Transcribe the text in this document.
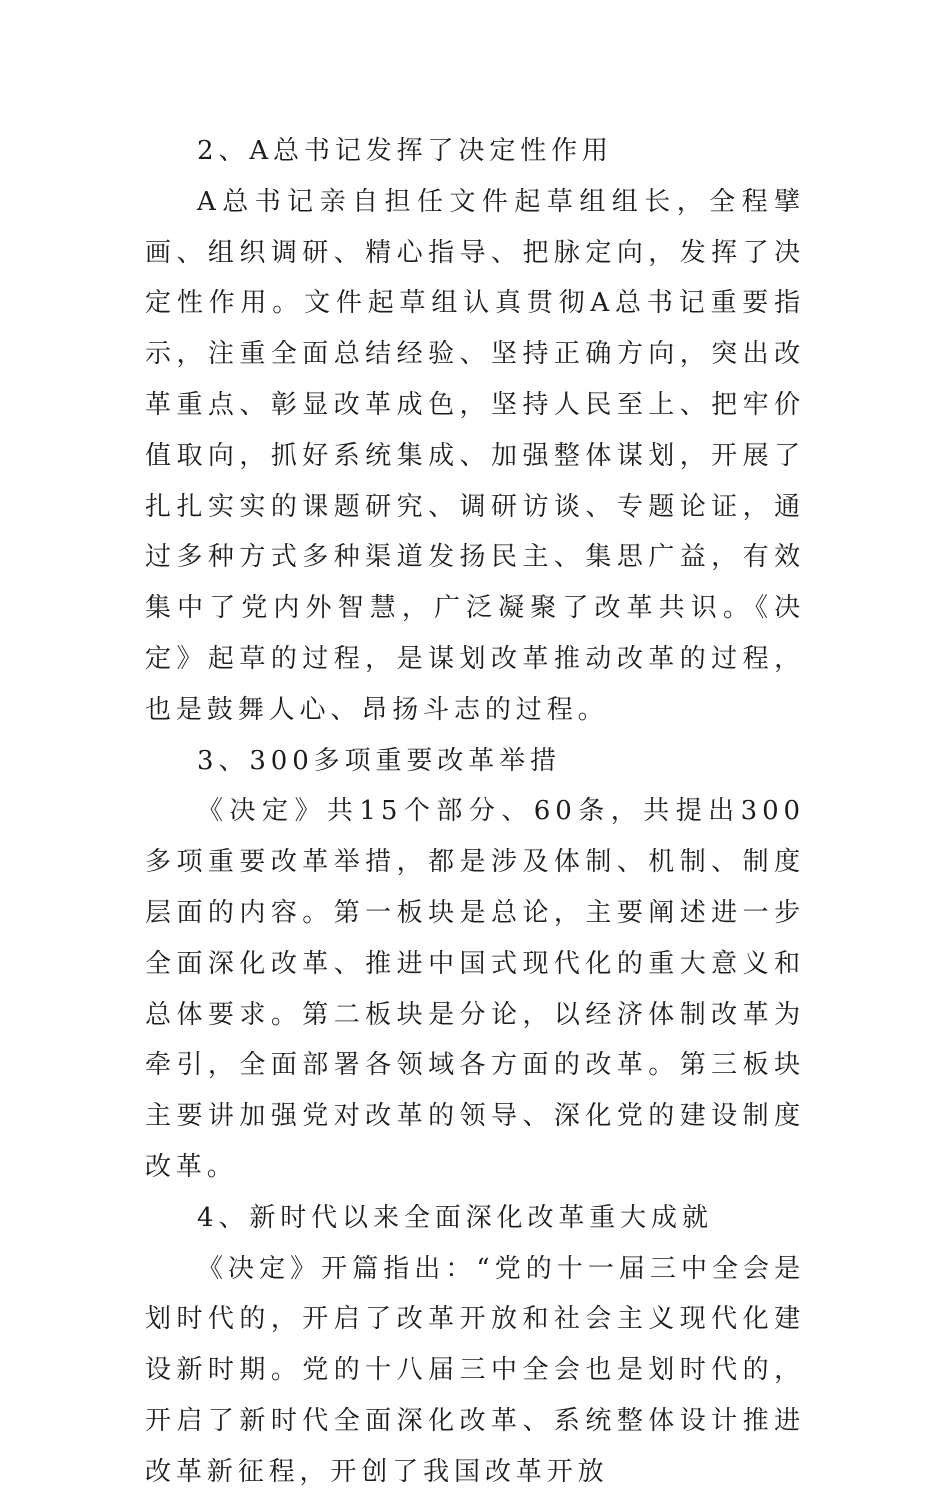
2、A总书记发挥了决定性作用

A总书记亲自担任文件起草组组长，全程擘画、组织调研、精心指导、把脉定向，发挥了决定性作用。文件起草组认真贯彻A总书记重要指示，注重全面总结经验、坚持正确方向，突出改革重点、彰显改革成色，坚持人民至上、把牢价值取向，抓好系统集成、加强整体谋划，开展了扎扎实实的课题研究、调研访谈、专题论证，通过多种方式多种渠道发扬民主、集思广益，有效集中了党内外智慧，广泛凝聚了改革共识。《决定》起草的过程，是谋划改革推动改革的过程，也是鼓舞人心、昂扬斗志的过程。

3、300多项重要改革举措

《决定》共15个部分、60条，共提出300多项重要改革举措，都是涉及体制、机制、制度层面的内容。第一板块是总论，主要阐述进一步全面深化改革、推进中国式现代化的重大意义和总体要求。第二板块是分论，以经济体制改革为牵引，全面部署各领域各方面的改革。第三板块主要讲加强党对改革的领导、深化党的建设制度改革。

4、新时代以来全面深化改革重大成就

《决定》开篇指出：“党的十一届三中全会是划时代的，开启了改革开放和社会主义现代化建设新时期。党的十八届三中全会也是划时代的，开启了新时代全面深化改革、系统整体设计推进改革新征程，开创了我国改革开放
